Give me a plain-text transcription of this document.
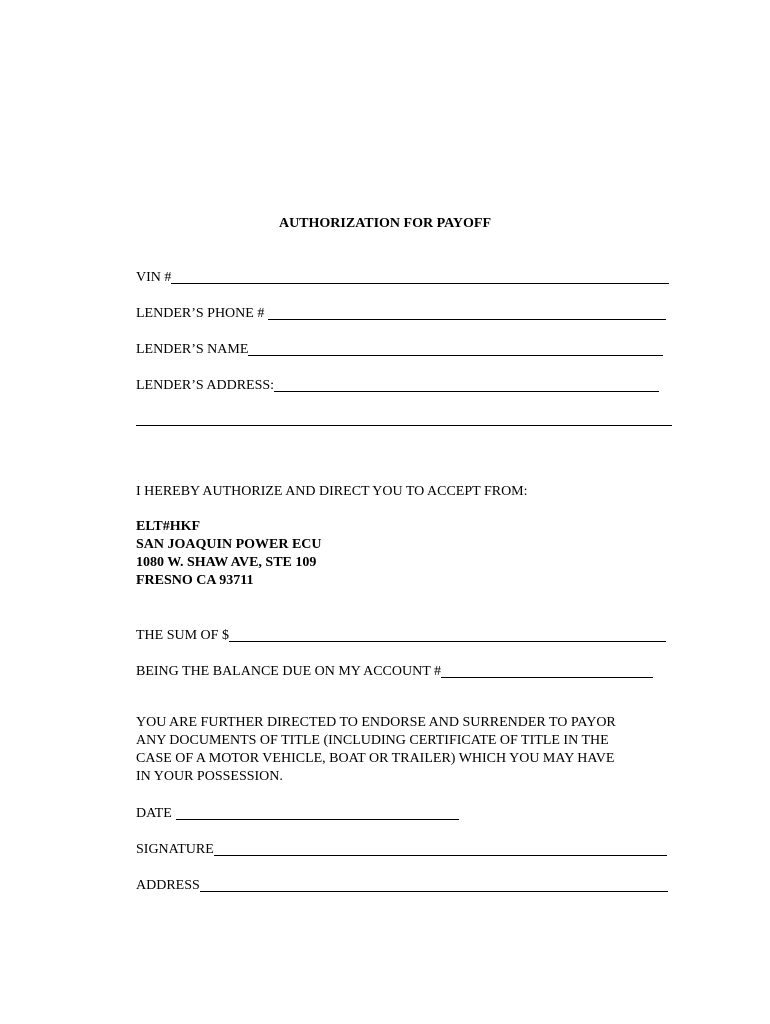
AUTHORIZATION FOR PAYOFF
VIN #
LENDER’S PHONE #
LENDER’S NAME
LENDER’S ADDRESS:
I HEREBY AUTHORIZE AND DIRECT YOU TO ACCEPT FROM:
ELT#HKF
SAN JOAQUIN POWER ECU
1080 W. SHAW AVE, STE 109
FRESNO CA 93711
THE SUM OF $
BEING THE BALANCE DUE ON MY ACCOUNT #
YOU ARE FURTHER DIRECTED TO ENDORSE AND SURRENDER TO PAYOR
ANY DOCUMENTS OF TITLE (INCLUDING CERTIFICATE OF TITLE IN THE
CASE OF A MOTOR VEHICLE, BOAT OR TRAILER) WHICH YOU MAY HAVE
IN YOUR POSSESSION.
DATE
SIGNATURE
ADDRESS
